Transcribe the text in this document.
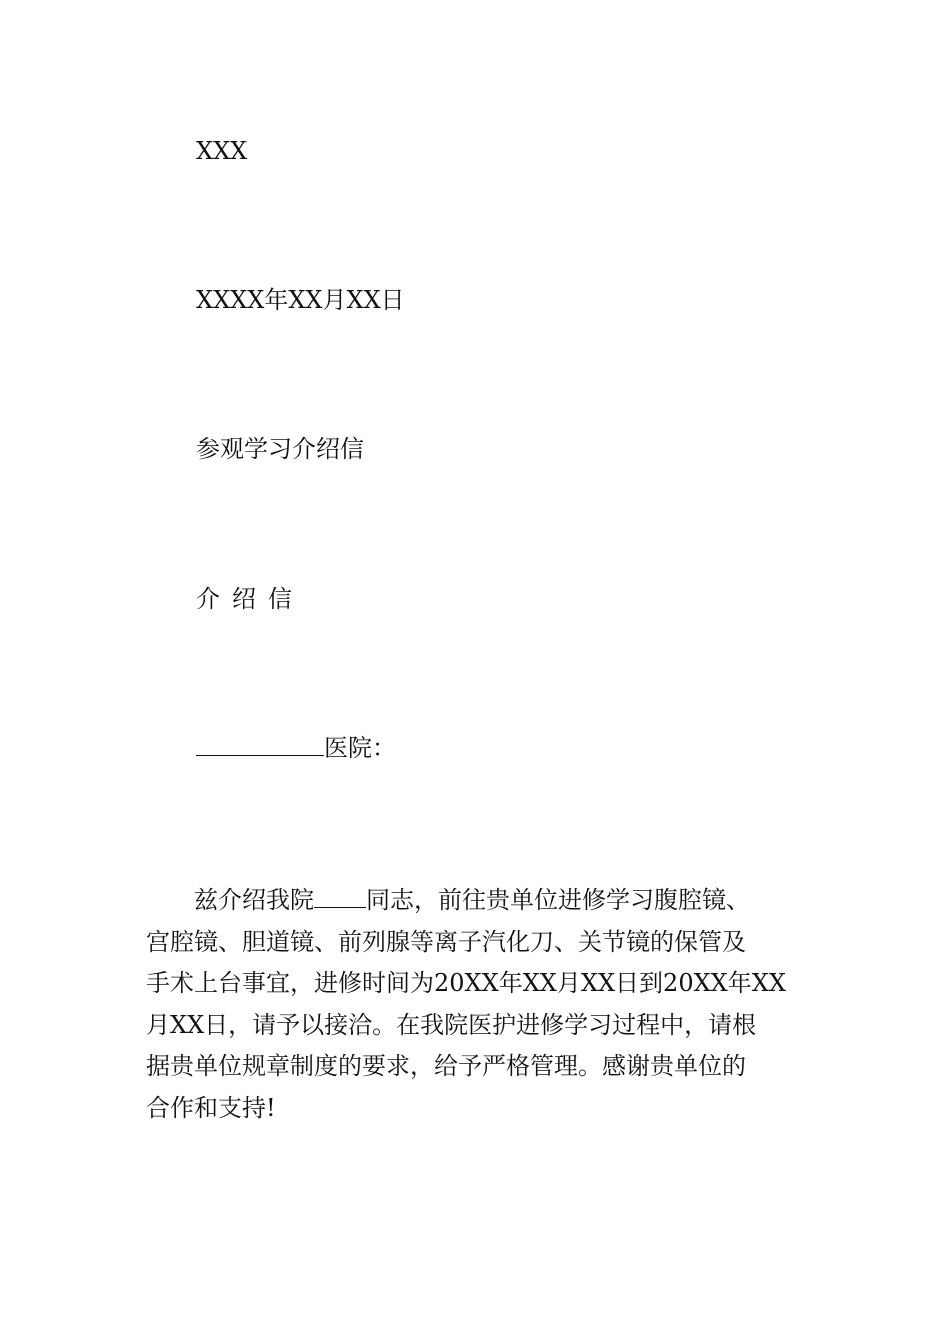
XXX
XXXX年XX月XX日
参观学习介绍信
介 绍 信
医院：
　　兹介绍我院 同志，前往贵单位进修学习腹腔镜、
宫腔镜、胆道镜、前列腺等离子汽化刀、关节镜的保管及
手术上台事宜，进修时间为20XX年XX月XX日到20XX年XX
月XX日，请予以接洽。在我院医护进修学习过程中，请根
据贵单位规章制度的要求，给予严格管理。感谢贵单位的
合作和支持!
